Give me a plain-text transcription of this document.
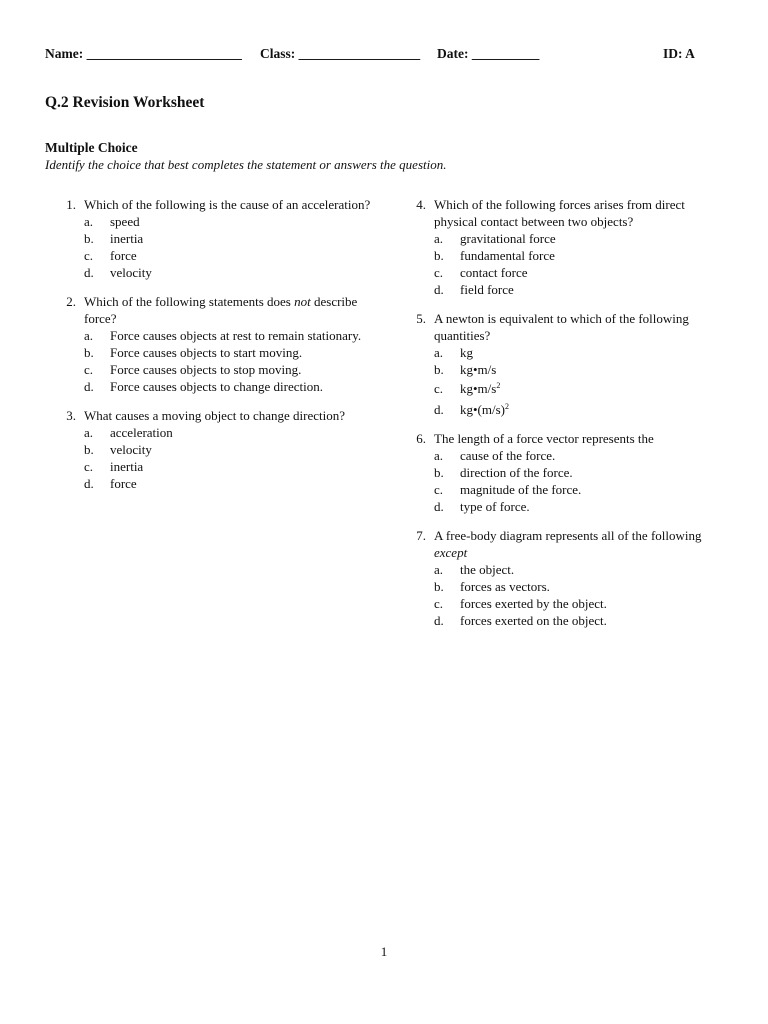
Name: _______________________ Class: __________________ Date: __________	ID: A
Q.2 Revision Worksheet
Multiple Choice
Identify the choice that best completes the statement or answers the question.
1. Which of the following is the cause of an acceleration?
a. speed
b. inertia
c. force
d. velocity
2. Which of the following statements does not describe force?
a. Force causes objects at rest to remain stationary.
b. Force causes objects to start moving.
c. Force causes objects to stop moving.
d. Force causes objects to change direction.
3. What causes a moving object to change direction?
a. acceleration
b. velocity
c. inertia
d. force
4. Which of the following forces arises from direct physical contact between two objects?
a. gravitational force
b. fundamental force
c. contact force
d. field force
5. A newton is equivalent to which of the following quantities?
a. kg
b. kg•m/s
c. $kg•m/s^2$
d. $kg•(m/s)^2$
6. The length of a force vector represents the
a. cause of the force.
b. direction of the force.
c. magnitude of the force.
d. type of force.
7. A free-body diagram represents all of the following
except
a. the object.
b. forces as vectors.
c. forces exerted by the object.
d. forces exerted on the object.
1
